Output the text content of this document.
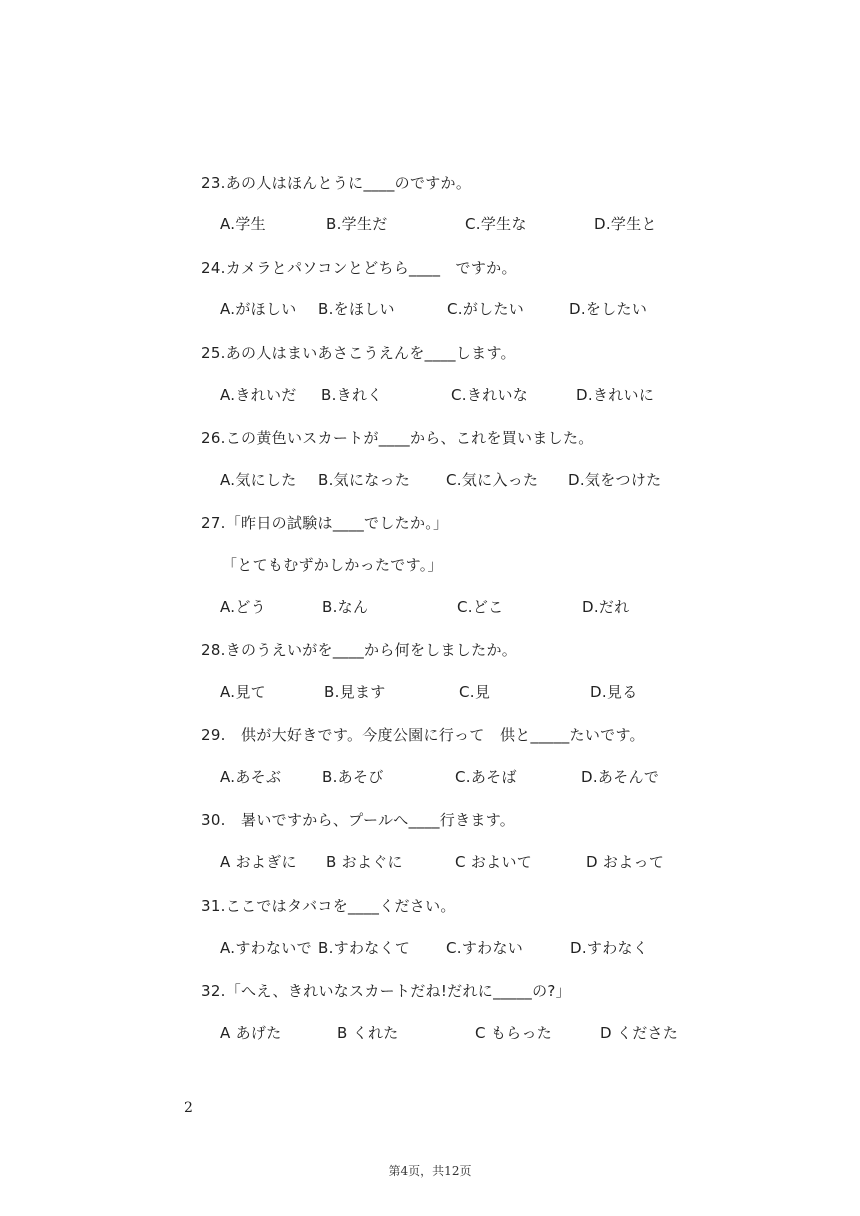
23.あの人はほんとうに____のですか。
A.学生	B.学生だ	C.学生な	D.学生と
24.カメラとパソコンとどちら____　ですか。
A.がほしい B.をほしい	C.がしたい	D.をしたい
25.あの人はまいあさこうえんを____します。
A.きれいだ B.きれく	C.きれいな	D.きれいに
26.この黄色いスカートが____から、これを買いました。
A.気にした B.気になった C.気に入った D.気をつけた
27.「昨日の試験は____でしたか。」
「とてもむずかしかったです。」
A.どう	B.なん	C.どこ	D.だれ
28.きのうえいがを____から何をしましたか。
A.見て	B.見ます	C.見	D.見る
29.　供が大好きです。今度公園に行って　供と_____たいです。
A.あそぶ	B.あそび	C.あそば	D.あそんで
30.　暑いですから、プールへ____行きます。
A およぎに B およぐに	C およいて	D およって
31.ここではタバコを____ください。
A.すわないで B.すわなくて C.すわない	D.すわなく
32.「へえ、きれいなスカートだね!だれに_____の?」
A あげた	B くれた	C もらった	D くださた
2
第4页，共12页
